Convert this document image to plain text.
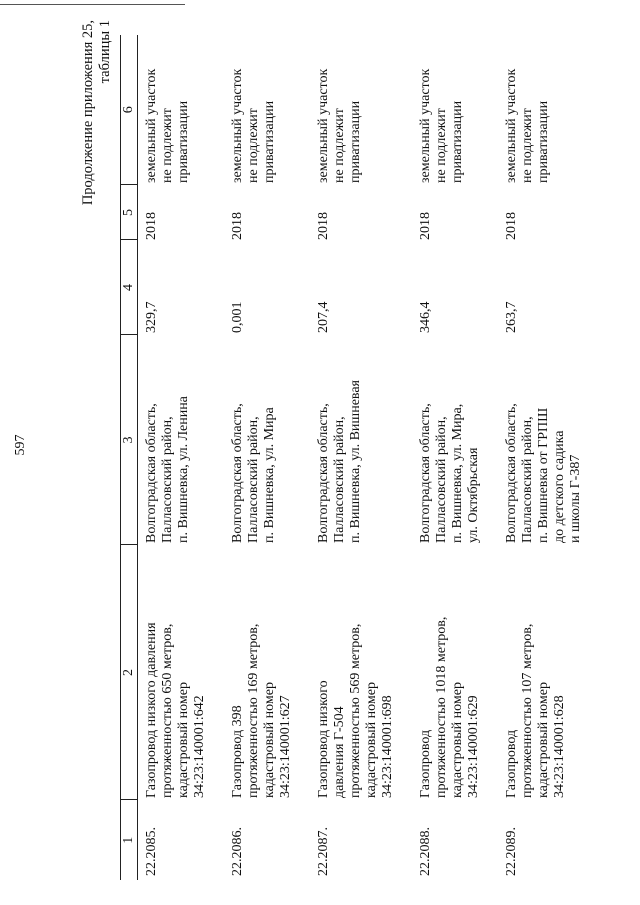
597
Продолжение приложения 25, таблицы 1
1	2	3	4	5	6
22.2085.	Газопровод низкого давления
протяженностью 650 метров,
кадастровый номер
34:23:140001:642	Волгоградская область,
Палласовский район,
п. Вишневка, ул. Ленина	329,7	2018	земельный участок
не подлежит
приватизации
22.2086.	Газопровод 398
протяженностью 169 метров,
кадастровый номер
34:23:140001:627	Волгоградская область,
Палласовский район,
п. Вишневка, ул. Мира	0,001	2018	земельный участок
не подлежит
приватизации
22.2087.	Газопровод низкого
давления Г-504
протяженностью 569 метров,
кадастровый номер
34:23:140001:698	Волгоградская область,
Палласовский район,
п. Вишневка, ул. Вишневая	207,4	2018	земельный участок
не подлежит
приватизации
22.2088.	Газопровод
протяженностью 1018 метров,
кадастровый номер
34:23:140001:629	Волгоградская область,
Палласовский район,
п. Вишневка, ул. Мира,
ул. Октябрьская	346,4	2018	земельный участок
не подлежит
приватизации
22.2089.	Газопровод
протяженностью 107 метров,
кадастровый номер
34:23:140001:628	Волгоградская область,
Палласовский район,
п. Вишневка от ГРПШ
до детского садика
и школы Г-387	263,7	2018	земельный участок
не подлежит
приватизации
